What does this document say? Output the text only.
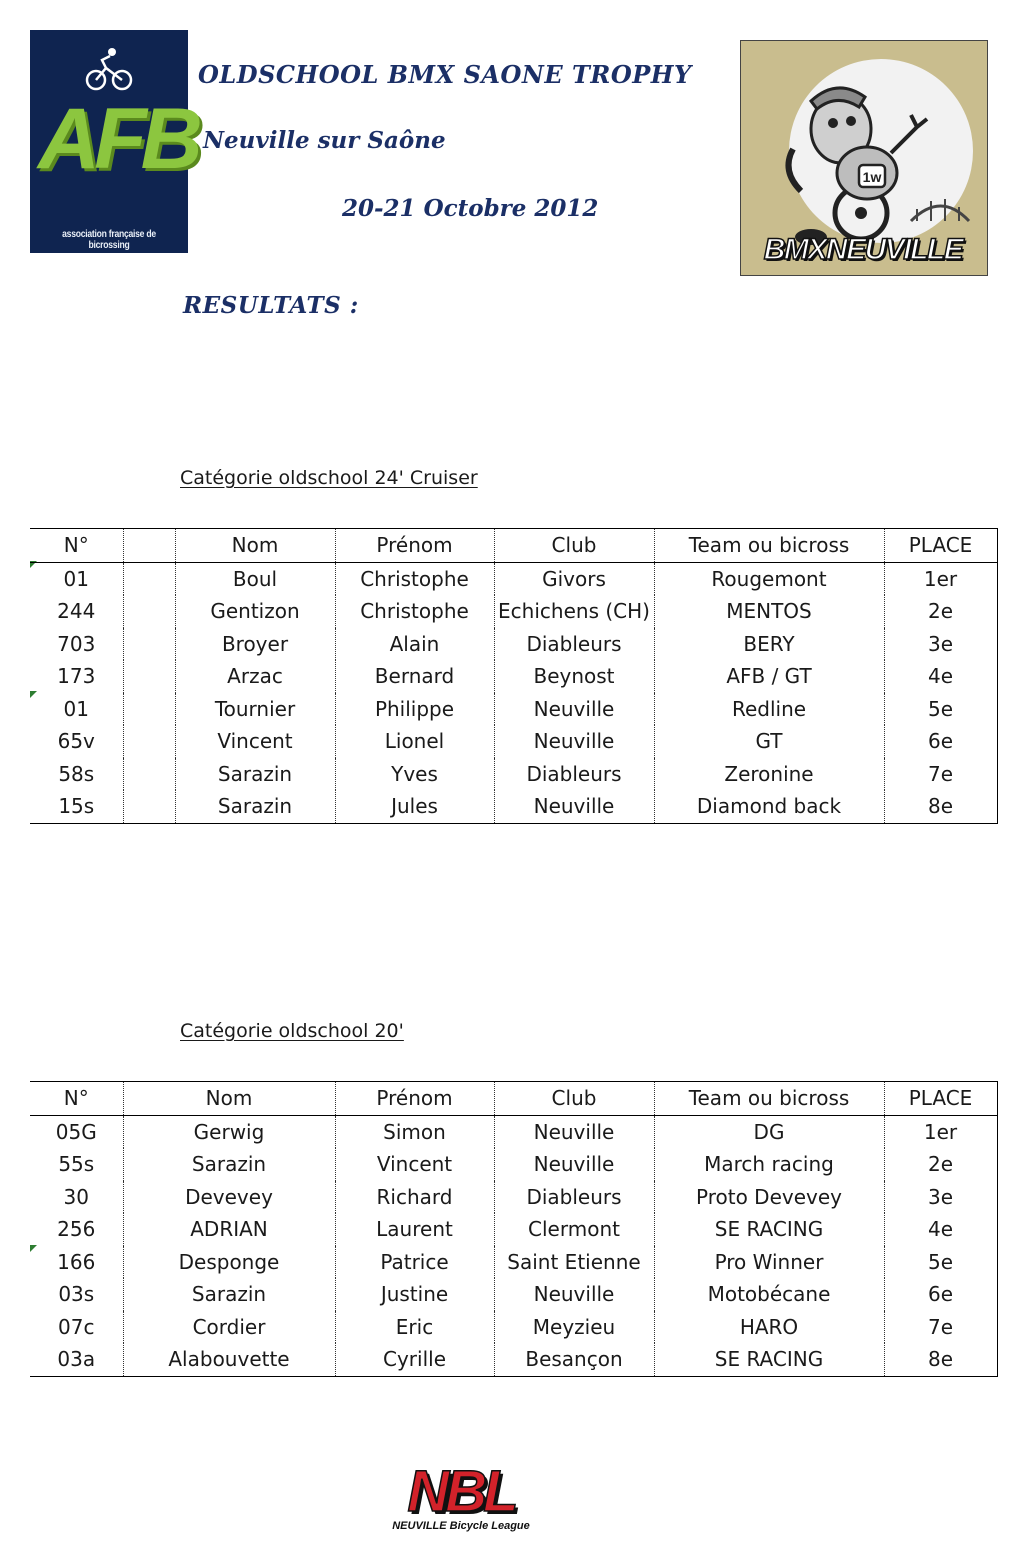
AFB
association française de bicrossing
OLDSCHOOL BMX SAONE TROPHY
Neuville sur Saône
20-21 Octobre 2012
RESULTATS :
1w
BMXNEUVILLE
Catégorie oldschool 24' Cruiser
N°		Nom	Prénom	Club	Team ou bicross	PLACE
01		Boul	Christophe	Givors	Rougemont	1er
244		Gentizon	Christophe	Echichens (CH)	MENTOS	2e
703		Broyer	Alain	Diableurs	BERY	3e
173		Arzac	Bernard	Beynost	AFB / GT	4e
01		Tournier	Philippe	Neuville	Redline	5e
65v		Vincent	Lionel	Neuville	GT	6e
58s		Sarazin	Yves	Diableurs	Zeronine	7e
15s		Sarazin	Jules	Neuville	Diamond back	8e
Catégorie oldschool 20'
N°	Nom	Prénom	Club	Team ou bicross	PLACE
05G	Gerwig	Simon	Neuville	DG	1er
55s	Sarazin	Vincent	Neuville	March racing	2e
30	Devevey	Richard	Diableurs	Proto Devevey	3e
256	ADRIAN	Laurent	Clermont	SE RACING	4e
166	Desponge	Patrice	Saint Etienne	Pro Winner	5e
03s	Sarazin	Justine	Neuville	Motobécane	6e
07c	Cordier	Eric	Meyzieu	HARO	7e
03a	Alabouvette	Cyrille	Besançon	SE RACING	8e
NBL
NEUVILLE Bicycle League
